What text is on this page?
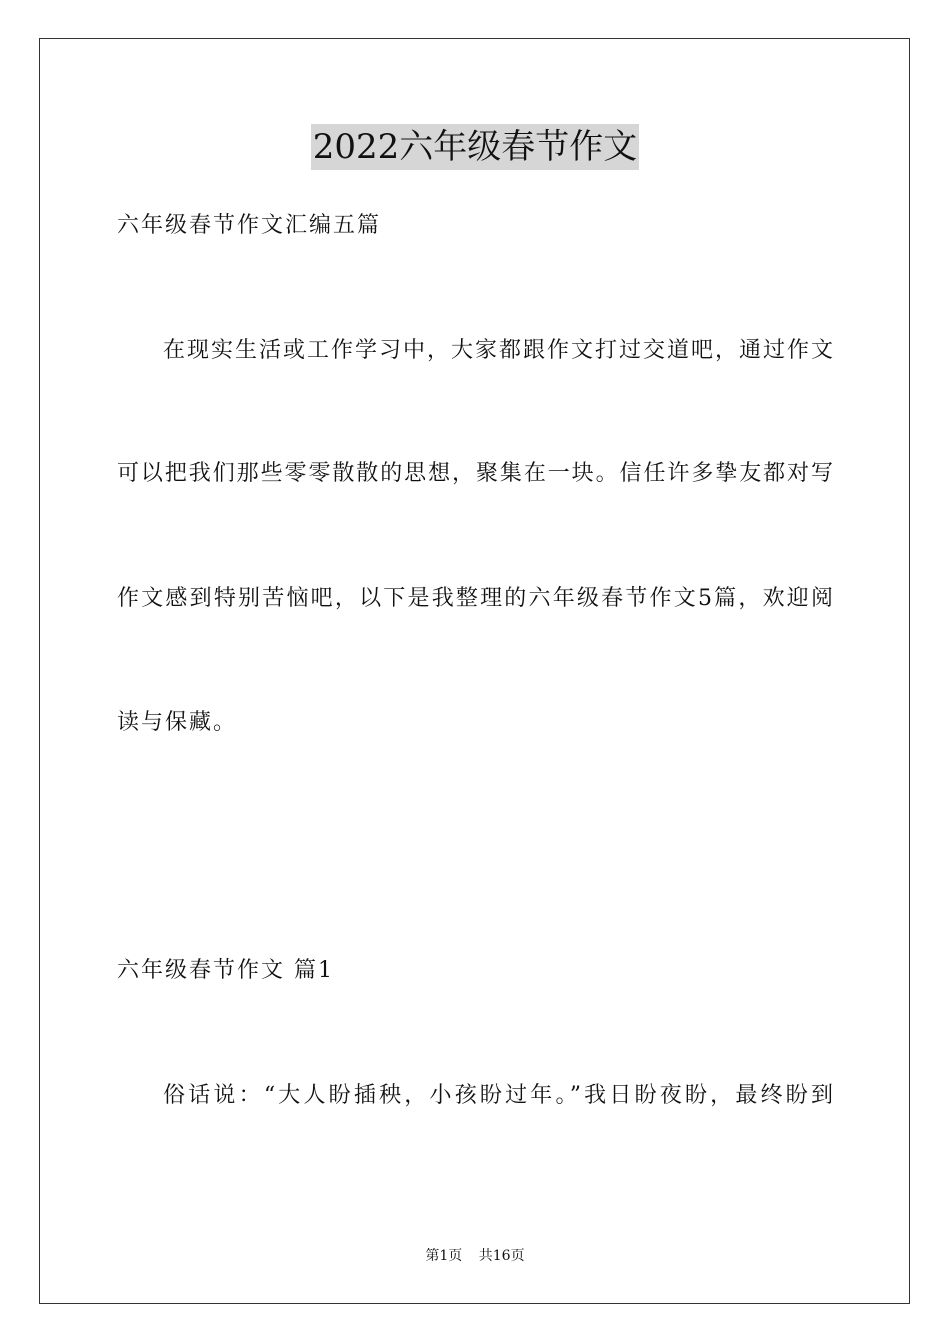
2022六年级春节作文
六年级春节作文汇编五篇
在现实生活或工作学习中，大家都跟作文打过交道吧，通过作文
可以把我们那些零零散散的思想，聚集在一块。信任许多挚友都对写
作文感到特别苦恼吧，以下是我整理的六年级春节作文5篇，欢迎阅
读与保藏。
六年级春节作文 篇1
俗话说：“大人盼插秧，小孩盼过年。”我日盼夜盼，最终盼到
第1页 共16页
